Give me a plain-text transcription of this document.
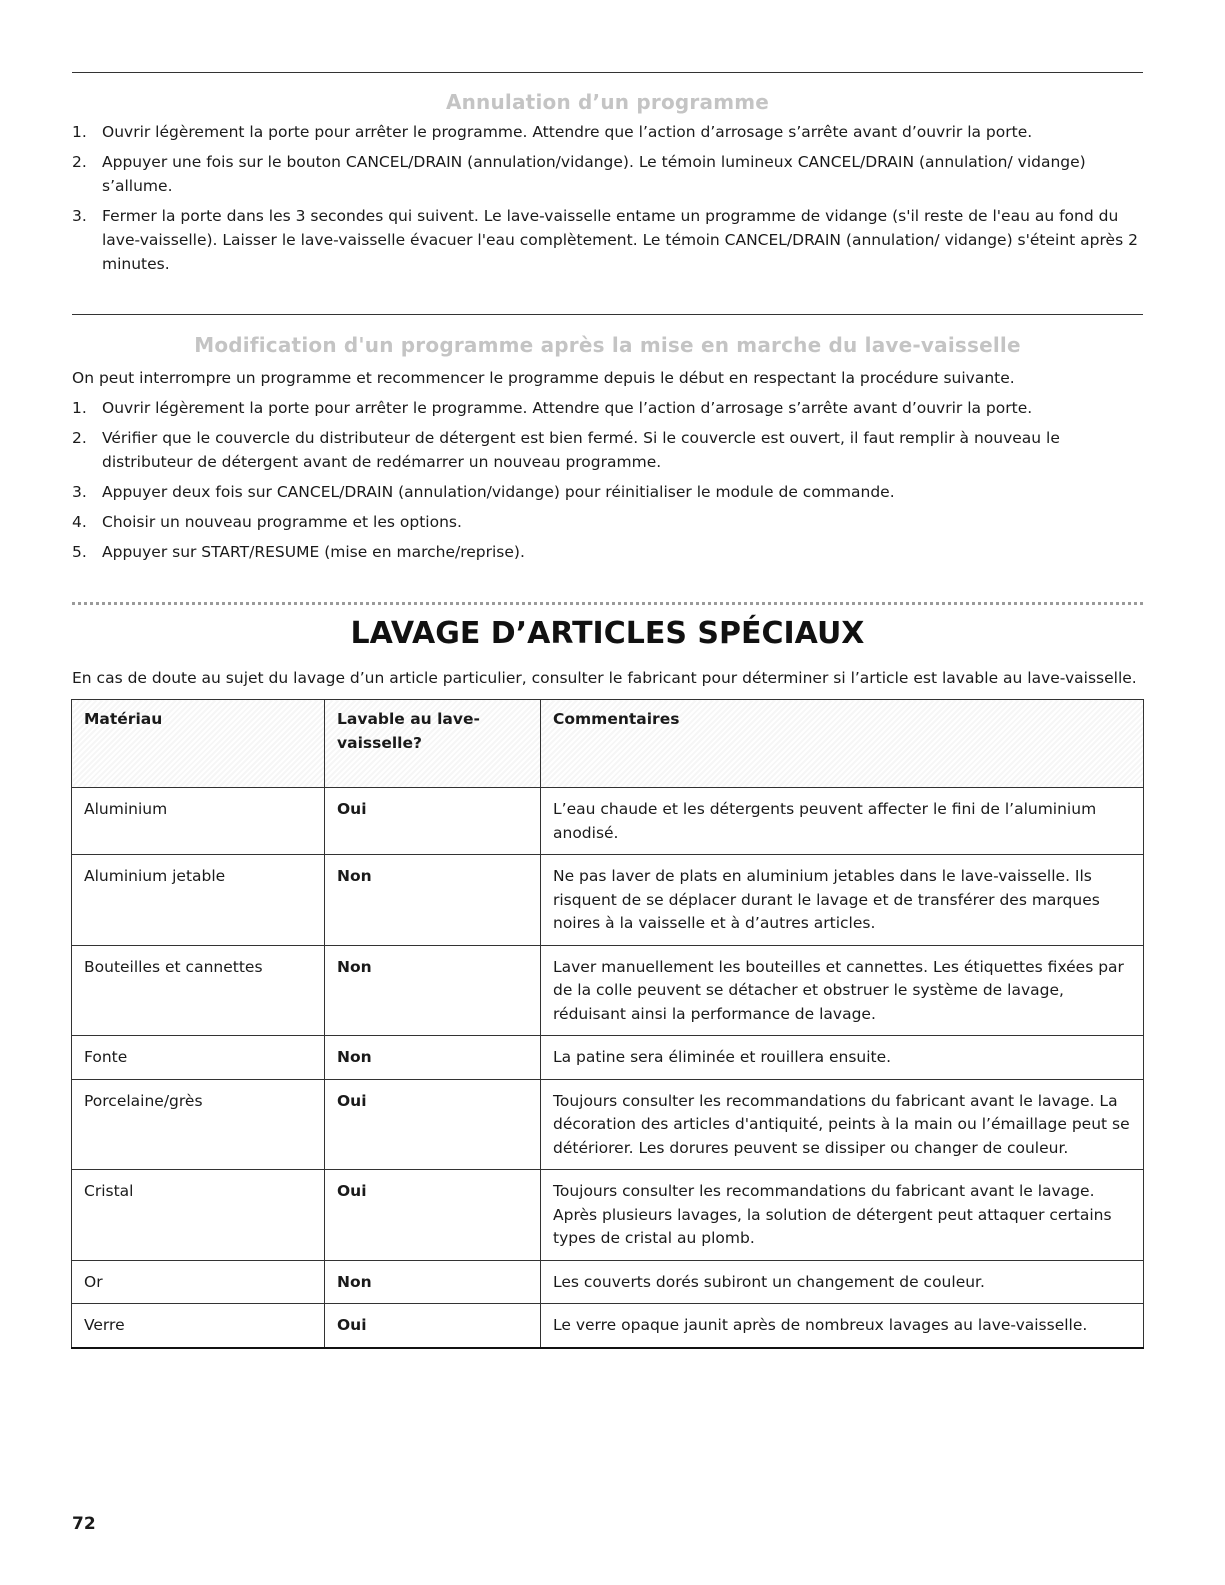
Annulation d’un programme
1. Ouvrir légèrement la porte pour arrêter le programme. Attendre que l’action d’arrosage s’arrête avant d’ouvrir la porte.
2. Appuyer une fois sur le bouton CANCEL/DRAIN (annulation/vidange). Le témoin lumineux CANCEL/DRAIN (annulation/ vidange) s’allume.
3. Fermer la porte dans les 3 secondes qui suivent. Le lave-vaisselle entame un programme de vidange (s'il reste de l'eau au fond du lave-vaisselle). Laisser le lave-vaisselle évacuer l'eau complètement. Le témoin CANCEL/DRAIN (annulation/ vidange) s'éteint après 2 minutes.
Modification d'un programme après la mise en marche du lave-vaisselle

On peut interrompre un programme et recommencer le programme depuis le début en respectant la procédure suivante.

1. Ouvrir légèrement la porte pour arrêter le programme. Attendre que l’action d’arrosage s’arrête avant d’ouvrir la porte.
2. Vérifier que le couvercle du distributeur de détergent est bien fermé. Si le couvercle est ouvert, il faut remplir à nouveau le distributeur de détergent avant de redémarrer un nouveau programme.
3. Appuyer deux fois sur CANCEL/DRAIN (annulation/vidange) pour réinitialiser le module de commande.
4. Choisir un nouveau programme et les options.
5. Appuyer sur START/RESUME (mise en marche/reprise).
LAVAGE D’ARTICLES SPÉCIAUX

En cas de doute au sujet du lavage d’un article particulier, consulter le fabricant pour déterminer si l’article est lavable au lave-vaisselle.

Matériau	Lavable au lave-vaisselle?	Commentaires
Aluminium	Oui	L’eau chaude et les détergents peuvent affecter le fini de l’aluminium anodisé.
Aluminium jetable	Non	Ne pas laver de plats en aluminium jetables dans le lave-vaisselle. Ils risquent de se déplacer durant le lavage et de transférer des marques noires à la vaisselle et à d’autres articles.
Bouteilles et cannettes	Non	Laver manuellement les bouteilles et cannettes. Les étiquettes fixées par de la colle peuvent se détacher et obstruer le système de lavage, réduisant ainsi la performance de lavage.
Fonte	Non	La patine sera éliminée et rouillera ensuite.
Porcelaine/grès	Oui	Toujours consulter les recommandations du fabricant avant le lavage. La décoration des articles d'antiquité, peints à la main ou l’émaillage peut se détériorer. Les dorures peuvent se dissiper ou changer de couleur.
Cristal	Oui	Toujours consulter les recommandations du fabricant avant le lavage. Après plusieurs lavages, la solution de détergent peut attaquer certains types de cristal au plomb.
Or	Non	Les couverts dorés subiront un changement de couleur.
Verre	Oui	Le verre opaque jaunit après de nombreux lavages au lave-vaisselle.
72
